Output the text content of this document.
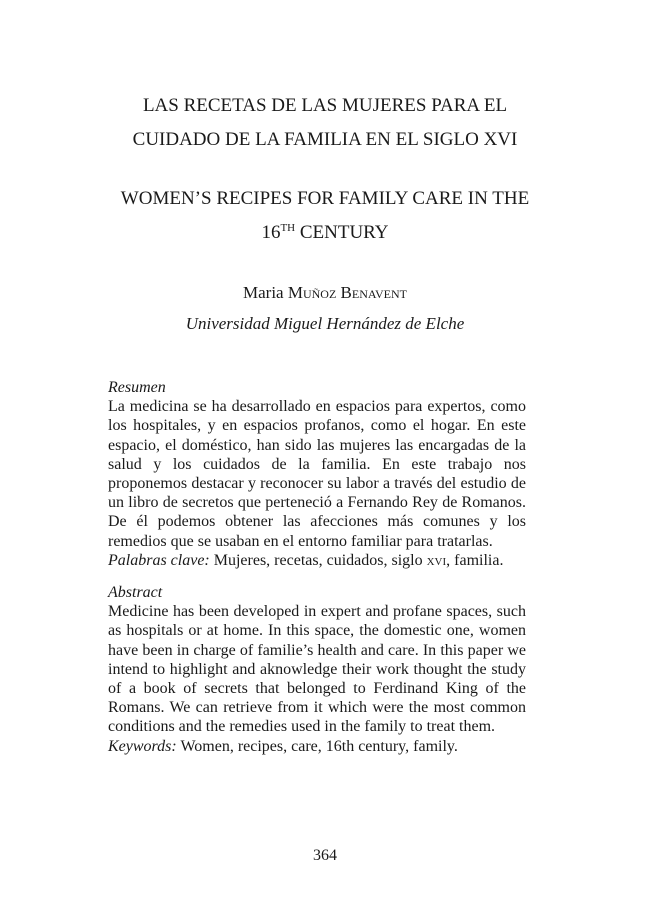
LAS RECETAS DE LAS MUJERES PARA EL
CUIDADO DE LA FAMILIA EN EL SIGLO XVI
WOMEN’S RECIPES FOR FAMILY CARE IN THE
16TH CENTURY
Maria Muñoz Benavent
Universidad Miguel Hernández de Elche
Resumen

La medicina se ha desarrollado en espacios para expertos, como los hospitales, y en espacios profanos, como el hogar. En este espacio, el doméstico, han sido las mujeres las encargadas de la salud y los cuidados de la familia. En este trabajo nos proponemos destacar y reconocer su labor a través del estudio de un libro de secretos que perteneció a Fernando Rey de Romanos. De él podemos obtener las afecciones más comunes y los remedios que se usaban en el entorno familiar para tratarlas.

Palabras clave: Mujeres, recetas, cuidados, siglo xvi, familia.

Abstract

Medicine has been developed in expert and profane spaces, such as hospitals or at home. In this space, the domestic one, women have been in charge of familie’s health and care. In this paper we intend to highlight and aknowledge their work thought the study of a book of secrets that belonged to Ferdinand King of the Romans. We can retrieve from it which were the most common conditions and the remedies used in the family to treat them.

Keywords: Women, recipes, care, 16th century, family.

364
